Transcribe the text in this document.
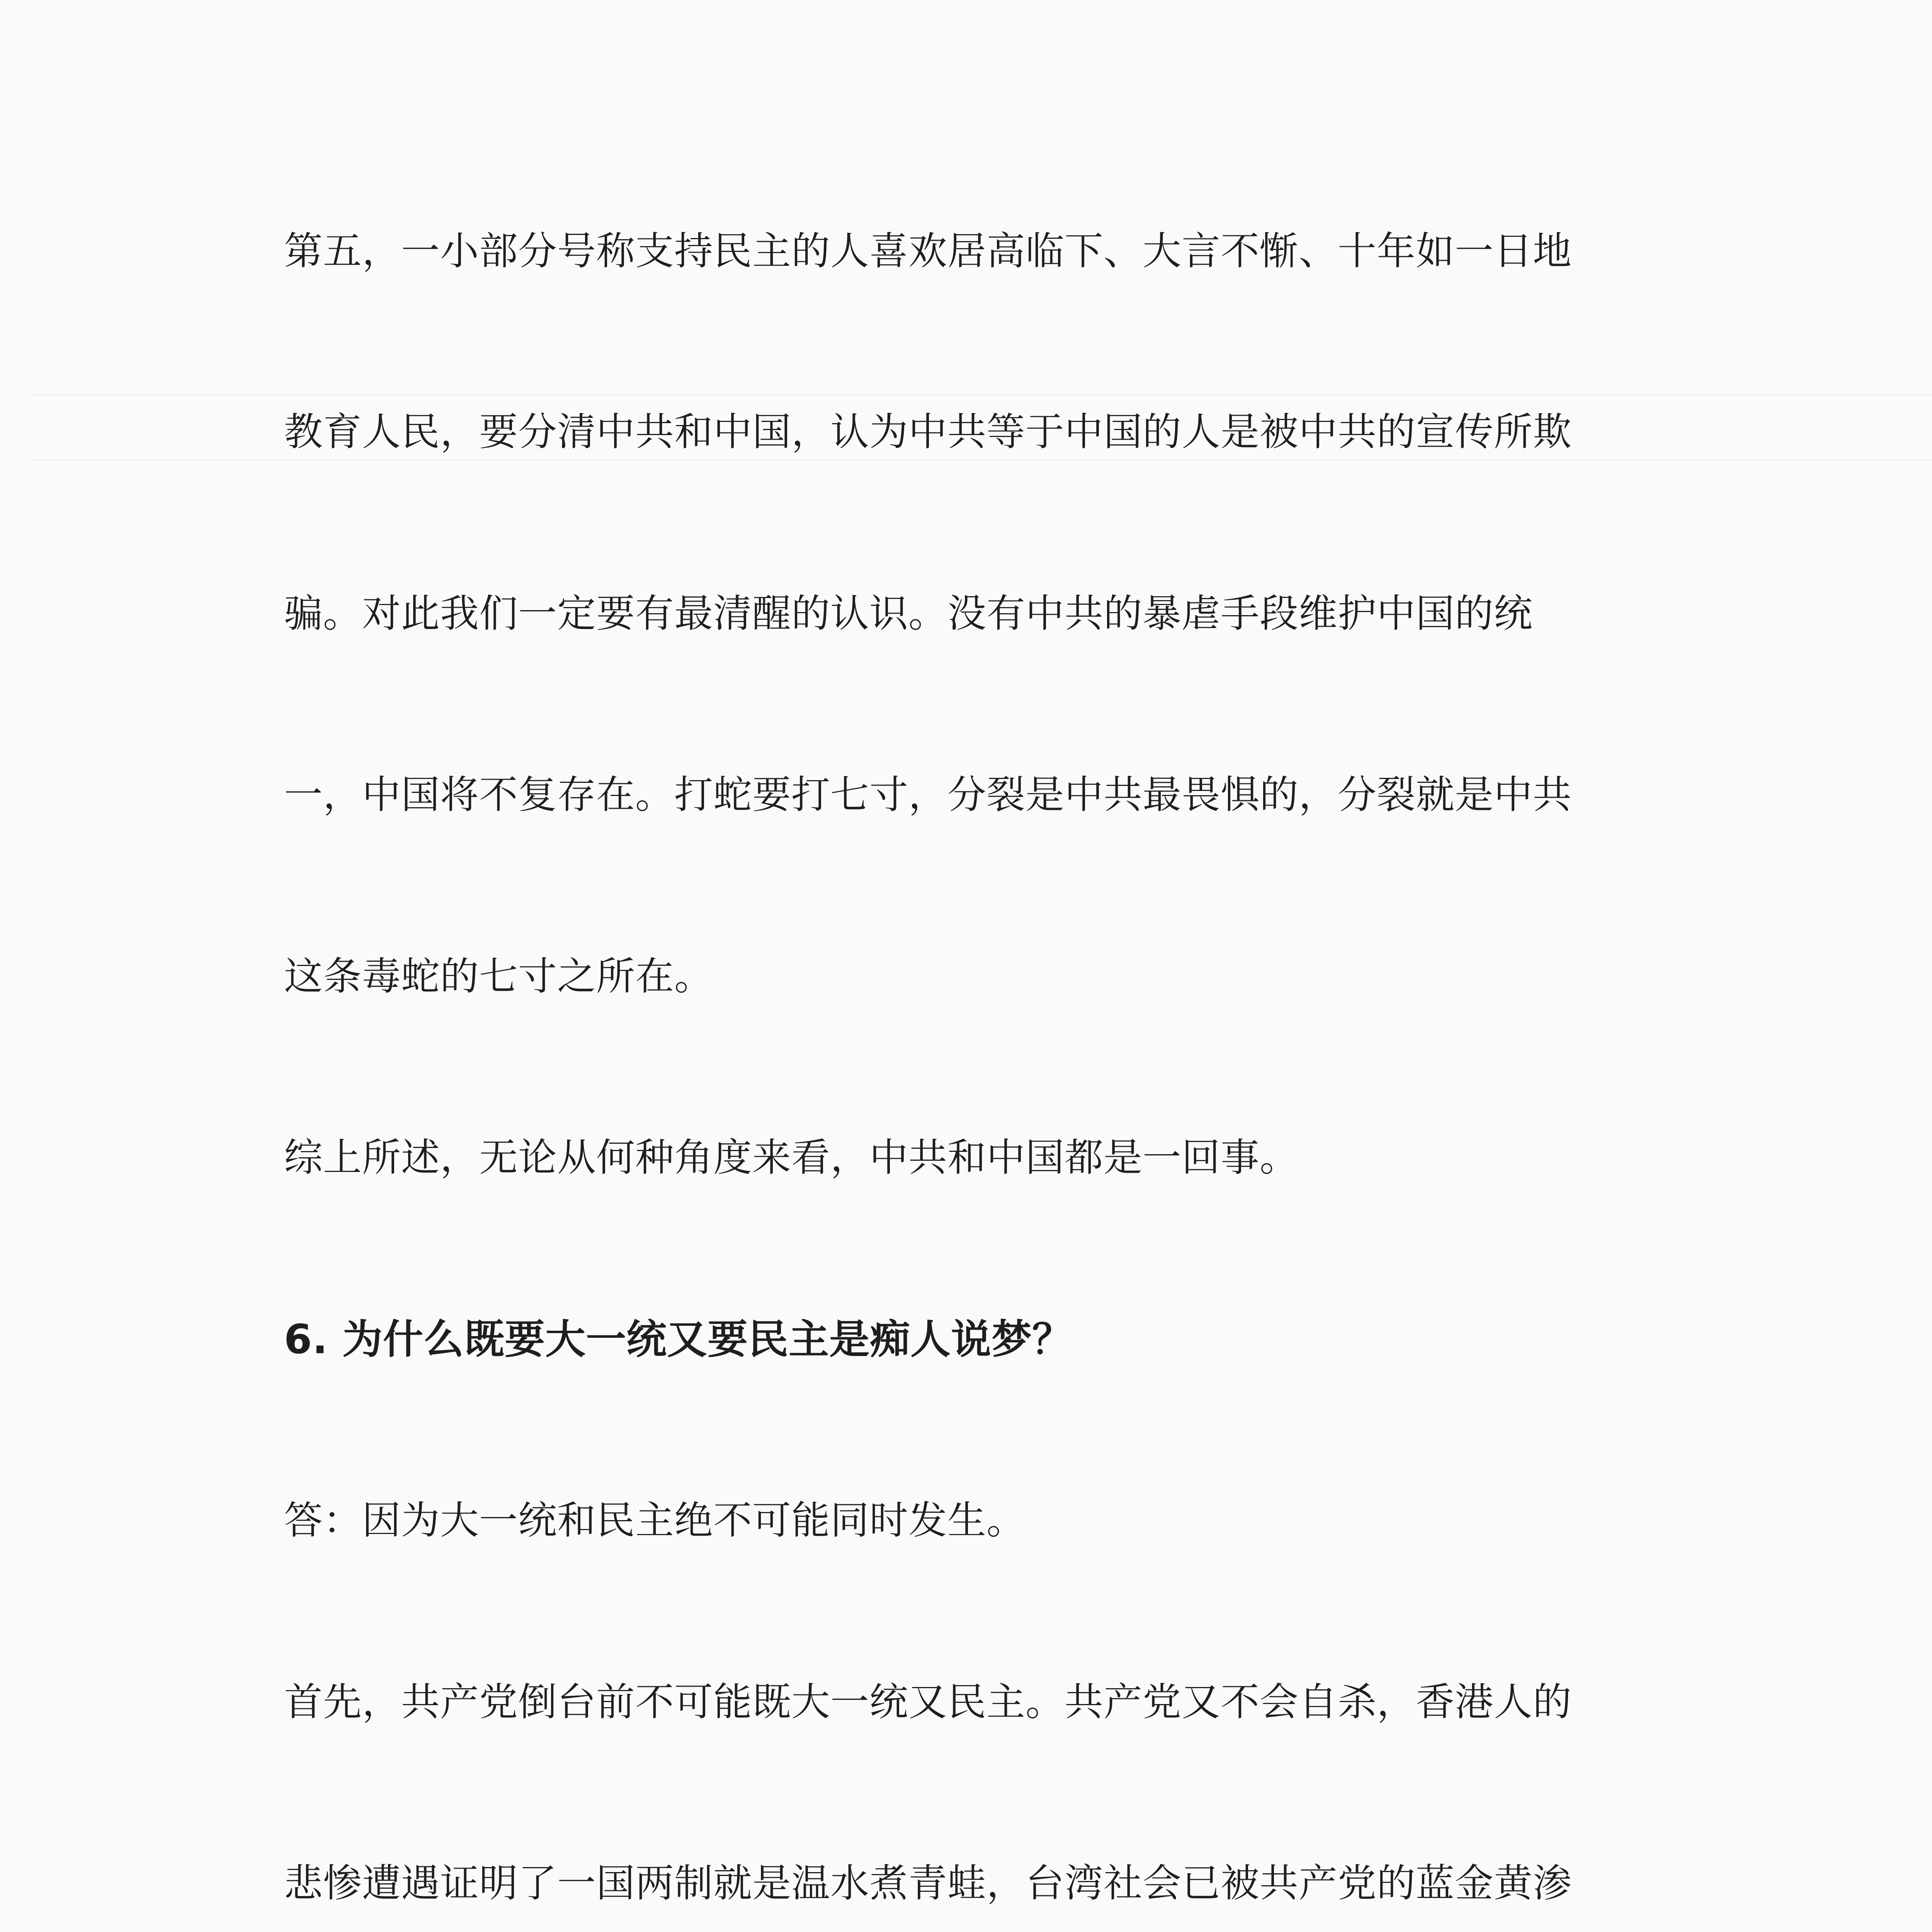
第五，一小部分号称支持民主的人喜欢居高临下、大言不惭、十年如一日地

教育人民，要分清中共和中国，认为中共等于中国的人是被中共的宣传所欺

骗。对此我们一定要有最清醒的认识。没有中共的暴虐手段维护中国的统

一，中国将不复存在。打蛇要打七寸，分裂是中共最畏惧的，分裂就是中共

这条毒蛇的七寸之所在。

综上所述，无论从何种角度来看，中共和中国都是一回事。

6. 为什么既要大一统又要民主是痴人说梦？

答：因为大一统和民主绝不可能同时发生。

首先，共产党倒台前不可能既大一统又民主。共产党又不会自杀，香港人的

悲惨遭遇证明了一国两制就是温水煮青蛙，台湾社会已被共产党的蓝金黄渗
